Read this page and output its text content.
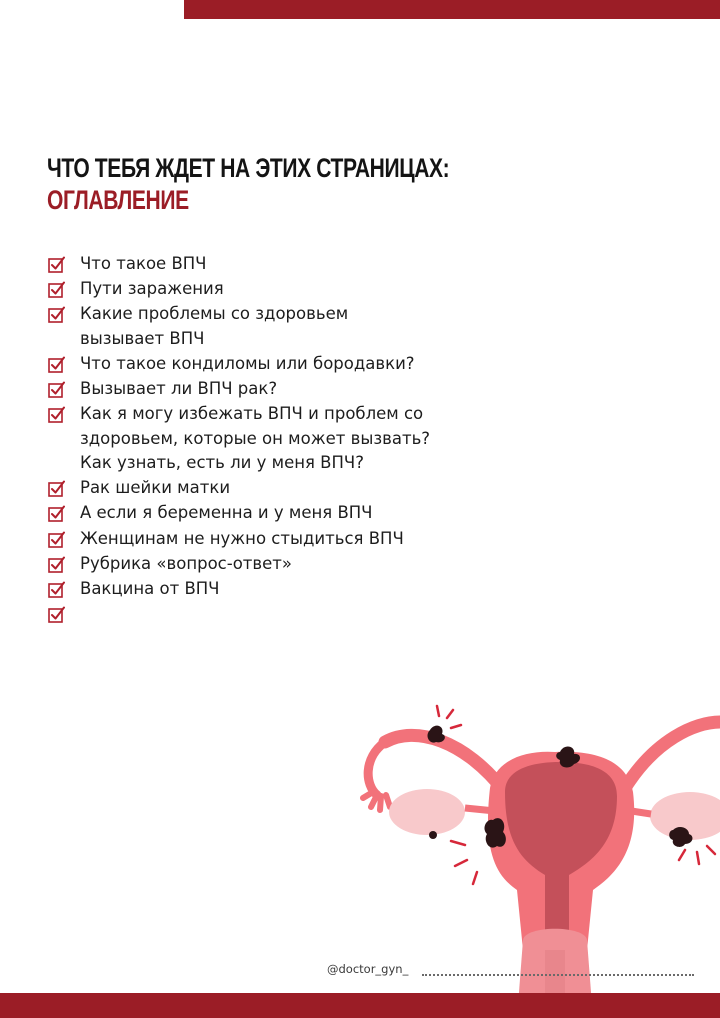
ЧТО ТЕБЯ ЖДЕТ НА ЭТИХ СТРАНИЦАХ:
ОГЛАВЛЕНИЕ
Что такое ВПЧ
Пути заражения
Какие проблемы со здоровьем
вызывает ВПЧ
Что такое кондиломы или бородавки?
Вызывает ли ВПЧ рак?
Как я могу избежать ВПЧ и проблем со
здоровьем, которые он может вызвать?
Как узнать, есть ли у меня ВПЧ?
Рак шейки матки
А если я беременна и у меня ВПЧ
Женщинам не нужно стыдиться ВПЧ
Рубрика «вопрос-ответ»
Вакцина от ВПЧ
@doctor_gyn_
